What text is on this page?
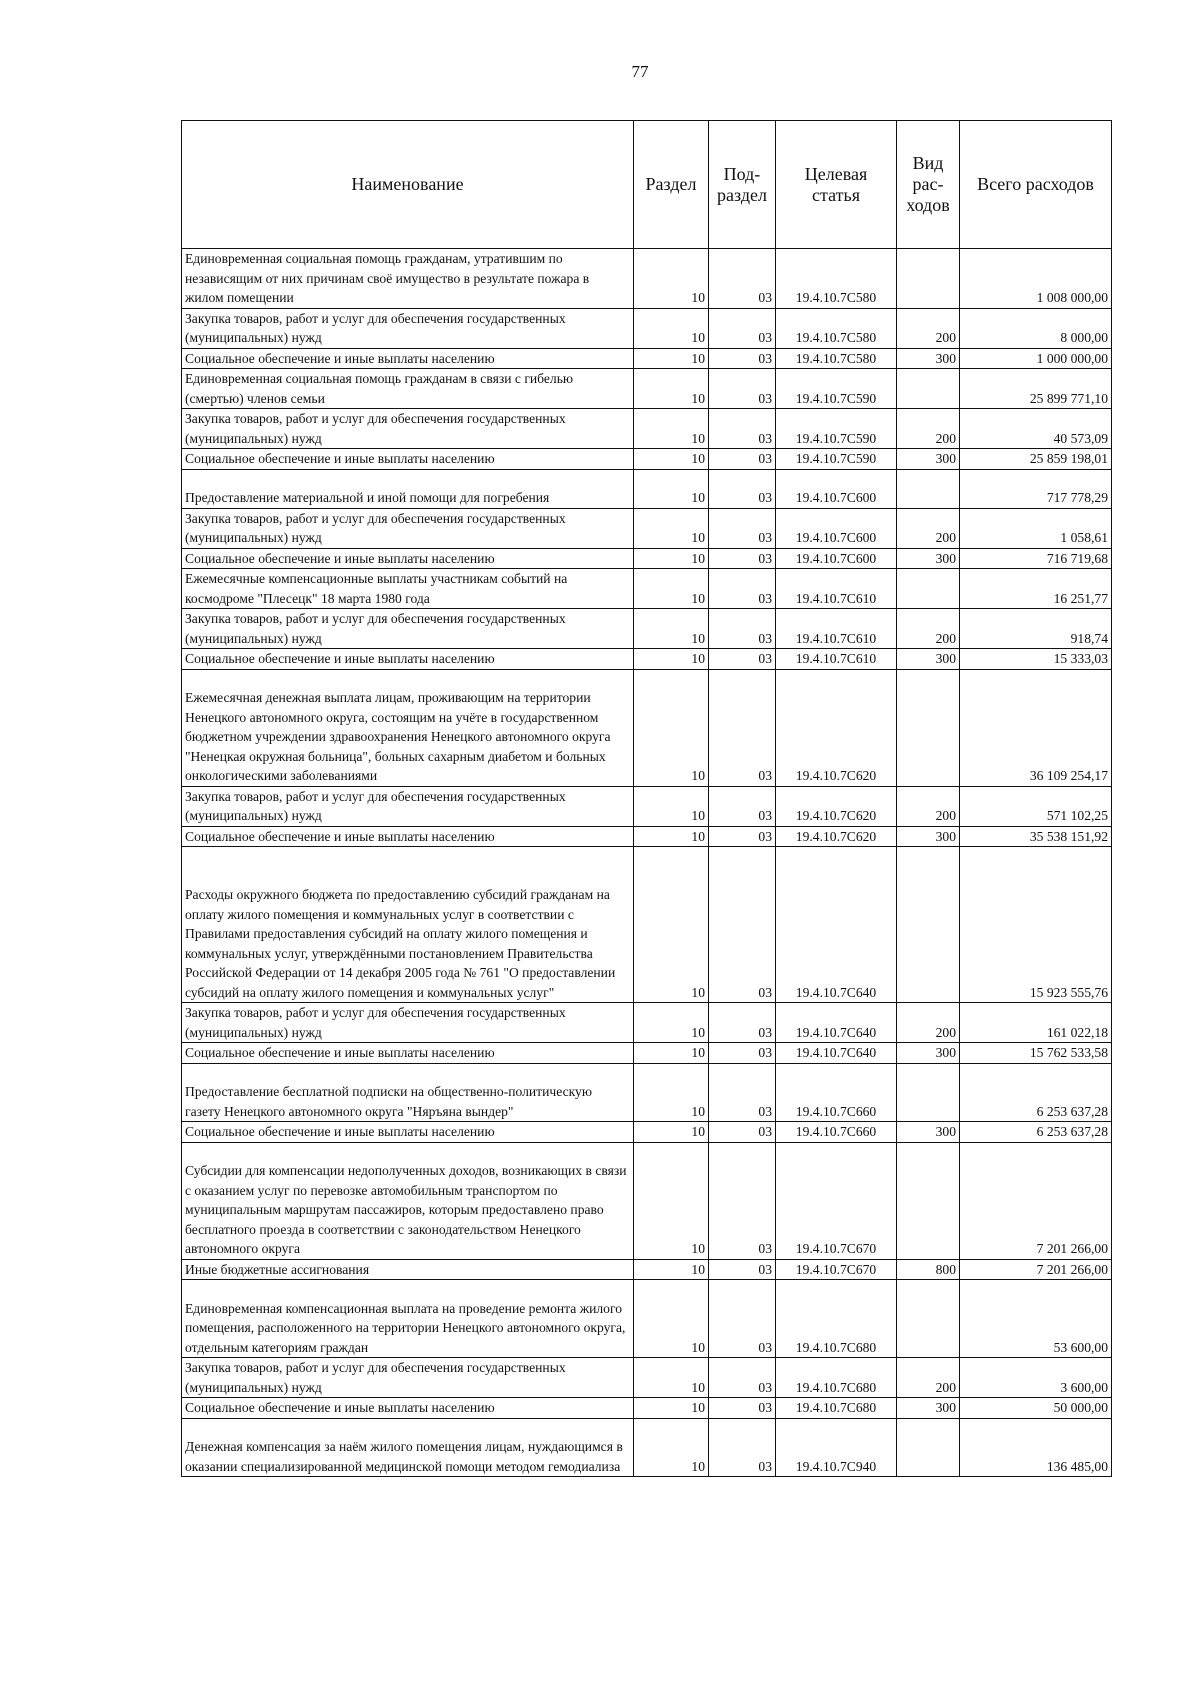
77
Наименование	Раздел	Под-раздел	Целевая статья	Вид рас-ходов	Всего расходов
Единовременная социальная помощь гражданам, утратившим по независящим от них причинам своё имущество в результате пожара в жилом помещении	10	03	19.4.10.7С580		1 008 000,00
Закупка товаров, работ и услуг для обеспечения государственных (муниципальных) нужд	10	03	19.4.10.7С580	200	8 000,00
Социальное обеспечение и иные выплаты населению	10	03	19.4.10.7С580	300	1 000 000,00
Единовременная социальная помощь гражданам в связи с гибелью (смертью) членов семьи	10	03	19.4.10.7С590		25 899 771,10
Закупка товаров, работ и услуг для обеспечения государственных (муниципальных) нужд	10	03	19.4.10.7С590	200	40 573,09
Социальное обеспечение и иные выплаты населению	10	03	19.4.10.7С590	300	25 859 198,01
Предоставление материальной и иной помощи для погребения	10	03	19.4.10.7С600		717 778,29
Закупка товаров, работ и услуг для обеспечения государственных (муниципальных) нужд	10	03	19.4.10.7С600	200	1 058,61
Социальное обеспечение и иные выплаты населению	10	03	19.4.10.7С600	300	716 719,68
Ежемесячные компенсационные выплаты участникам событий на космодроме "Плесецк" 18 марта 1980 года	10	03	19.4.10.7С610		16 251,77
Закупка товаров, работ и услуг для обеспечения государственных (муниципальных) нужд	10	03	19.4.10.7С610	200	918,74
Социальное обеспечение и иные выплаты населению	10	03	19.4.10.7С610	300	15 333,03
Ежемесячная денежная выплата лицам, проживающим на территории Ненецкого автономного округа, состоящим на учёте в государственном бюджетном учреждении здравоохранения Ненецкого автономного округа "Ненецкая окружная больница", больных сахарным диабетом и больных онкологическими заболеваниями	10	03	19.4.10.7С620		36 109 254,17
Закупка товаров, работ и услуг для обеспечения государственных (муниципальных) нужд	10	03	19.4.10.7С620	200	571 102,25
Социальное обеспечение и иные выплаты населению	10	03	19.4.10.7С620	300	35 538 151,92
Расходы окружного бюджета по предоставлению субсидий гражданам на оплату жилого помещения и коммунальных услуг в соответствии с Правилами предоставления субсидий на оплату жилого помещения и коммунальных услуг, утверждёнными постановлением Правительства Российской Федерации от 14 декабря 2005 года № 761 "О предоставлении субсидий на оплату жилого помещения и коммунальных услуг"	10	03	19.4.10.7С640		15 923 555,76
Закупка товаров, работ и услуг для обеспечения государственных (муниципальных) нужд	10	03	19.4.10.7С640	200	161 022,18
Социальное обеспечение и иные выплаты населению	10	03	19.4.10.7С640	300	15 762 533,58
Предоставление бесплатной подписки на общественно-политическую газету Ненецкого автономного округа "Няръяна вындер"	10	03	19.4.10.7С660		6 253 637,28
Социальное обеспечение и иные выплаты населению	10	03	19.4.10.7С660	300	6 253 637,28
Субсидии для компенсации недополученных доходов, возникающих в связи с оказанием услуг по перевозке автомобильным транспортом по муниципальным маршрутам пассажиров, которым предоставлено право бесплатного проезда в соответствии с законодательством Ненецкого автономного округа	10	03	19.4.10.7С670		7 201 266,00
Иные бюджетные ассигнования	10	03	19.4.10.7С670	800	7 201 266,00
Единовременная компенсационная выплата на проведение ремонта жилого помещения, расположенного на территории Ненецкого автономного округа, отдельным категориям граждан	10	03	19.4.10.7С680		53 600,00
Закупка товаров, работ и услуг для обеспечения государственных (муниципальных) нужд	10	03	19.4.10.7С680	200	3 600,00
Социальное обеспечение и иные выплаты населению	10	03	19.4.10.7С680	300	50 000,00
Денежная компенсация за наём жилого помещения лицам, нуждающимся в оказании специализированной медицинской помощи методом гемодиализа	10	03	19.4.10.7С940		136 485,00
